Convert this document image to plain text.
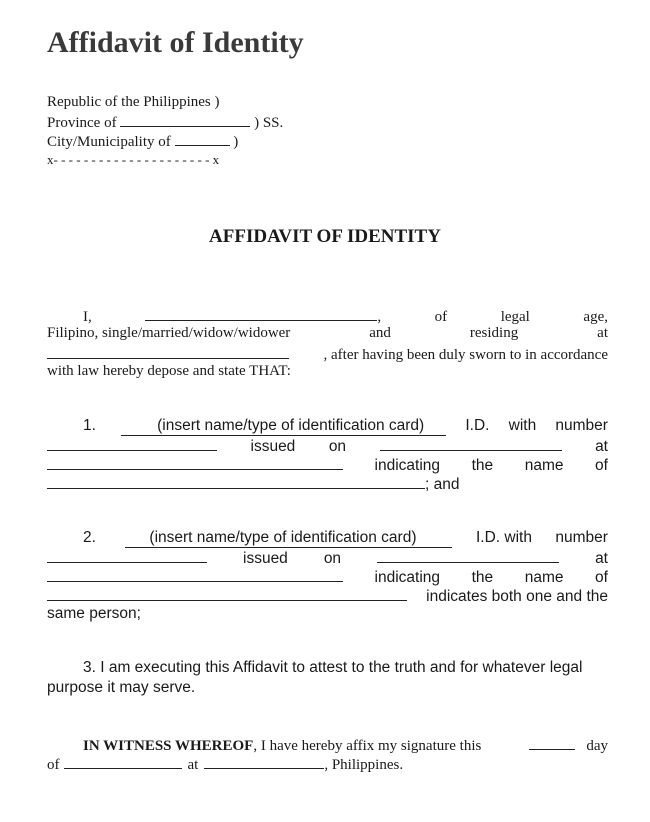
Affidavit of Identity
Republic of the Philippines )
Province of	) SS.
City/Municipality of	)
x- - - - - - - - - - - - - - - - - - - - - x
AFFIDAVIT OF IDENTITY
I,	,	of	legal	age,
Filipino, single/married/widow/widower	and	residing	at
, after having been duly sworn to in accordance
with law hereby depose and state THAT:
1.	(insert name/type of identification card)	I.D. with number
issued on	at
indicating the name of
; and
2.	(insert name/type of identification card)	I.D. with number
issued on	at
indicating the name of
indicates both one and the
same person;
3. I am executing this Affidavit to attest to the truth and for whatever legal
purpose it may serve.
IN WITNESS WHEREOF, I have hereby affix my signature this	day
of	at	, Philippines.
